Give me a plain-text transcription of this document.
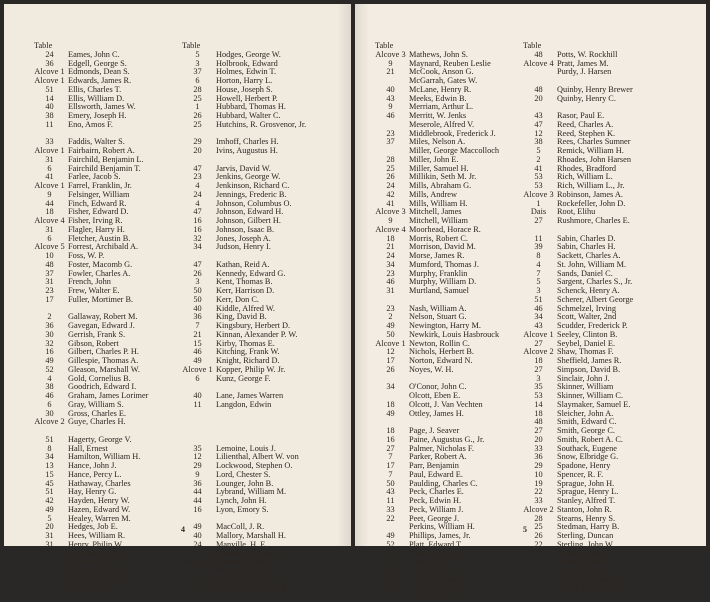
Table
24	Eames, John C.
36	Edgell, George S.
Alcove 1 Edmonds, Dean S.
Alcove 1 Edwards, James R.
51	Ellis, Charles T.
14	Ellis, William D.
40	Ellsworth, James W.
38	Emery, Joseph H.
11	Eno, Amos F.
33	Faddis, Walter S.
Alcove 1 Fairbairn, Robert A.
31	Fairchild, Benjamin L.
6	Fairchild Benjamin T.
41	Farlee, Jacob S.
Alcove 1 Farrel, Franklin, Jr.
9	Felsinger, William
44	Finch, Edward R.
18	Fisher, Edward D.
Alcove 4 Fisher, Irving R.
31	Flagler, Harry H.
6	Fletcher, Austin B.
Alcove 5 Forrest, Archibald A.
10	Foss, W. P.
48	Foster, Macomb G.
37	Fowler, Charles A.
31	French, John
23	Frew, Walter E.
17	Fuller, Mortimer B.
2	Gallaway, Robert M.
36	Gavegan, Edward J.
30	Gerrish, Frank S.
32	Gibson, Robert
16	Gilbert, Charles P. H.
49	Gillespie, Thomas A.
52	Gleason, Marshall W.
4	Gold, Cornelius B.
38	Goodrich, Edward I.
46	Graham, James Lorimer
6	Gray, William S.
30	Gross, Charles E.
Alcove 2 Guye, Charles H.
51	Hagerty, George V.
8	Hall, Ernest
34	Hamilton, William H.
13	Hance, John J.
15	Hance, Percy L.
45	Hathaway, Charles
51	Hay, Henry G.
42	Hayden, Henry W.
49	Hazen, Edward W.
5	Healey, Warren M.
20	Hedges, Job E.
31	Hees, William R.
31	Henry, Philip W.
23	Hepburn, A. Barton
33	Herbert, John W.
31	Higgins, Richard H.
32	Hobbs, Frederick G.
31	Hodges, Alfred
Table
5	Hodges, George W.
3	Holbrook, Edward
37	Holmes, Edwin T.
6	Horton, Harry L.
28	House, Joseph S.
25	Howell, Herbert P.
1	Hubbard, Thomas H.
26	Hubbard, Walter C.
25	Hutchins, R. Grosvenor, Jr.
29	Imhoff, Charles H.
20	Ivins, Augustus H.
47	Jarvis, David W.
23	Jenkins, George W.
4	Jenkinson, Richard C.
24	Jennings, Frederic B.
4	Johnson, Columbus O.
47	Johnson, Edward H.
16	Johnson, Gilbert H.
16	Johnson, Isaac B.
32	Jones, Joseph A.
34	Judson, Henry I.
47	Kathan, Reid A.
26	Kennedy, Edward G.
3	Kent, Thomas B.
50	Kerr, Harrison D.
50	Kerr, Don C.
40	Kiddle, Alfred W.
36	King, David B.
7	Kingsbury, Herbert D.
21	Kinnan, Alexander P. W.
15	Kirby, Thomas E.
46	Kitching, Frank W.
49	Knight, Richard D.
Alcove 1 Kopper, Philip W. Jr.
6	Kunz, George F.
40	Lane, James Warren
11	Langdon, Edwin
35	Lemoine, Louis J.
12	Lilienthal, Albert W. von
29	Lockwood, Stephen O.
9	Lord, Chester S.
36	Lounger, John B.
44	Lybrand, William M.
44	Lynch, John H.
16	Lyon, Emory S.
49	MacColl, J. R.
40	Mallory, Marshall H.
24	Manville, H. E.
2	Manville, T. Frank
Alcove 2 Manning, Henry S.
10	Mapes, S. Herbert
23	Marshall, Chauncey
25	Martindale, Joseph B.
4
Table
Alcove 3 Mathews, John S.
9	Maynard, Reuben Leslie
21	McCook, Anson G.
McGarrah, Gates W.
40	McLane, Henry R.
43	Meeks, Edwin B.
9	Merriam, Arthur L.
46	Merritt, W. Jenks
Meserole, Alfred V.
23	Middlebrook, Frederick J.
37	Miles, Nelson A.
Miller, George Maccolloch
28	Miller, John E.
25	Miller, Samuel H.
26	Millikin, Seth M. Jr.
24	Mills, Abraham G.
42	Mills, Andrew
41	Mills, William H.
Alcove 3 Mitchell, James
9	Mitchell, William
Alcove 4 Moorhead, Horace R.
18	Morris, Robert C.
21	Morrison, David M.
24	Morse, James R.
34	Mumford, Thomas J.
23	Murphy, Franklin
46	Murphy, William D.
31	Murtland, Samuel
23	Nash, William A.
2	Nelson, Stuart G.
49	Newington, Harry M.
50	Newkirk, Louis Hasbrouck
Alcove 1 Newton, Rollin C.
12	Nichols, Herbert B.
17	Norton, Edward N.
26	Noyes, W. H.
34	O'Conor, John C.
Olcott, Eben E.
18	Olcott, J. Van Vechten
49	Ottley, James H.
18	Page, J. Seaver
16	Paine, Augustus G., Jr.
27	Palmer, Nicholas F.
7	Parker, Robert A.
17	Parr, Benjamin
7	Paul, Edward E.
50	Paulding, Charles C.
43	Peck, Charles E.
11	Peck, Edwin H.
33	Peck, William J.
22	Peet, George J.
Perkins, William H.
49	Phillips, James, Jr.
52	Platt, Edward T.
28	Platten, John W.
41	Poor, Ruel W.
Dais	Porter, Horace
39	Porter, William H.
39	Pomeroy, Daniel E.
30	Post, Abram S.
Table
48	Potts, W. Rockhill
Alcove 4 Pratt, James M.
Purdy, J. Harsen
48	Quinby, Henry Brewer
20	Quinby, Henry C.
43	Rasor, Paul E.
47	Reed, Charles A.
12	Reed, Stephen K.
38	Rees, Charles Sumner
5	Remick, William H.
2	Rhoades, John Harsen
41	Rhodes, Bradford
53	Rich, William L.
53	Rich, William L., Jr.
Alcove 3 Robinson, James A.
1	Rockefeller, John D.
Dais	Root, Elihu
27	Rushmore, Charles E.
11	Sabin, Charles D.
39	Sabin, Charles H.
8	Sackett, Charles A.
4	St. John, William M.
7	Sands, Daniel C.
5	Sargent, Charles S., Jr.
3	Schenck, Henry A.
51	Scherer, Albert George
46	Schmelzel, Irving
34	Scott, Walter, 2nd
43	Scudder, Frederick P.
Alcove 1 Seeley, Clinton B.
27	Seybel, Daniel E.
Alcove 2 Shaw, Thomas F.
18	Sheffield, James R.
27	Simpson, David B.
3	Sinclair, John J.
35	Skinner, William
53	Skinner, William C.
14	Slaymaker, Samuel E.
18	Sleicher, John A.
48	Smith, Edward C.
27	Smith, George C.
20	Smith, Robert A. C.
33	Southack, Eugene
36	Snow, Elbridge G.
29	Spadone, Henry
10	Spencer, R. F.
19	Sprague, John H.
22	Sprague, Henry L.
33	Stanley, Alfred T.
Alcove 2 Stanton, John R.
28	Stearns, Henry S.
25	Stedman, Harry B.
26	Sterling, Duncan
22	Sterling, John W.
35	Stokes, Walter C.
4	Stone, Mason A.
52	Stover, Martin L.
5	Stowell, Edward E.
37	Strong Benjamin, Jr.
5
